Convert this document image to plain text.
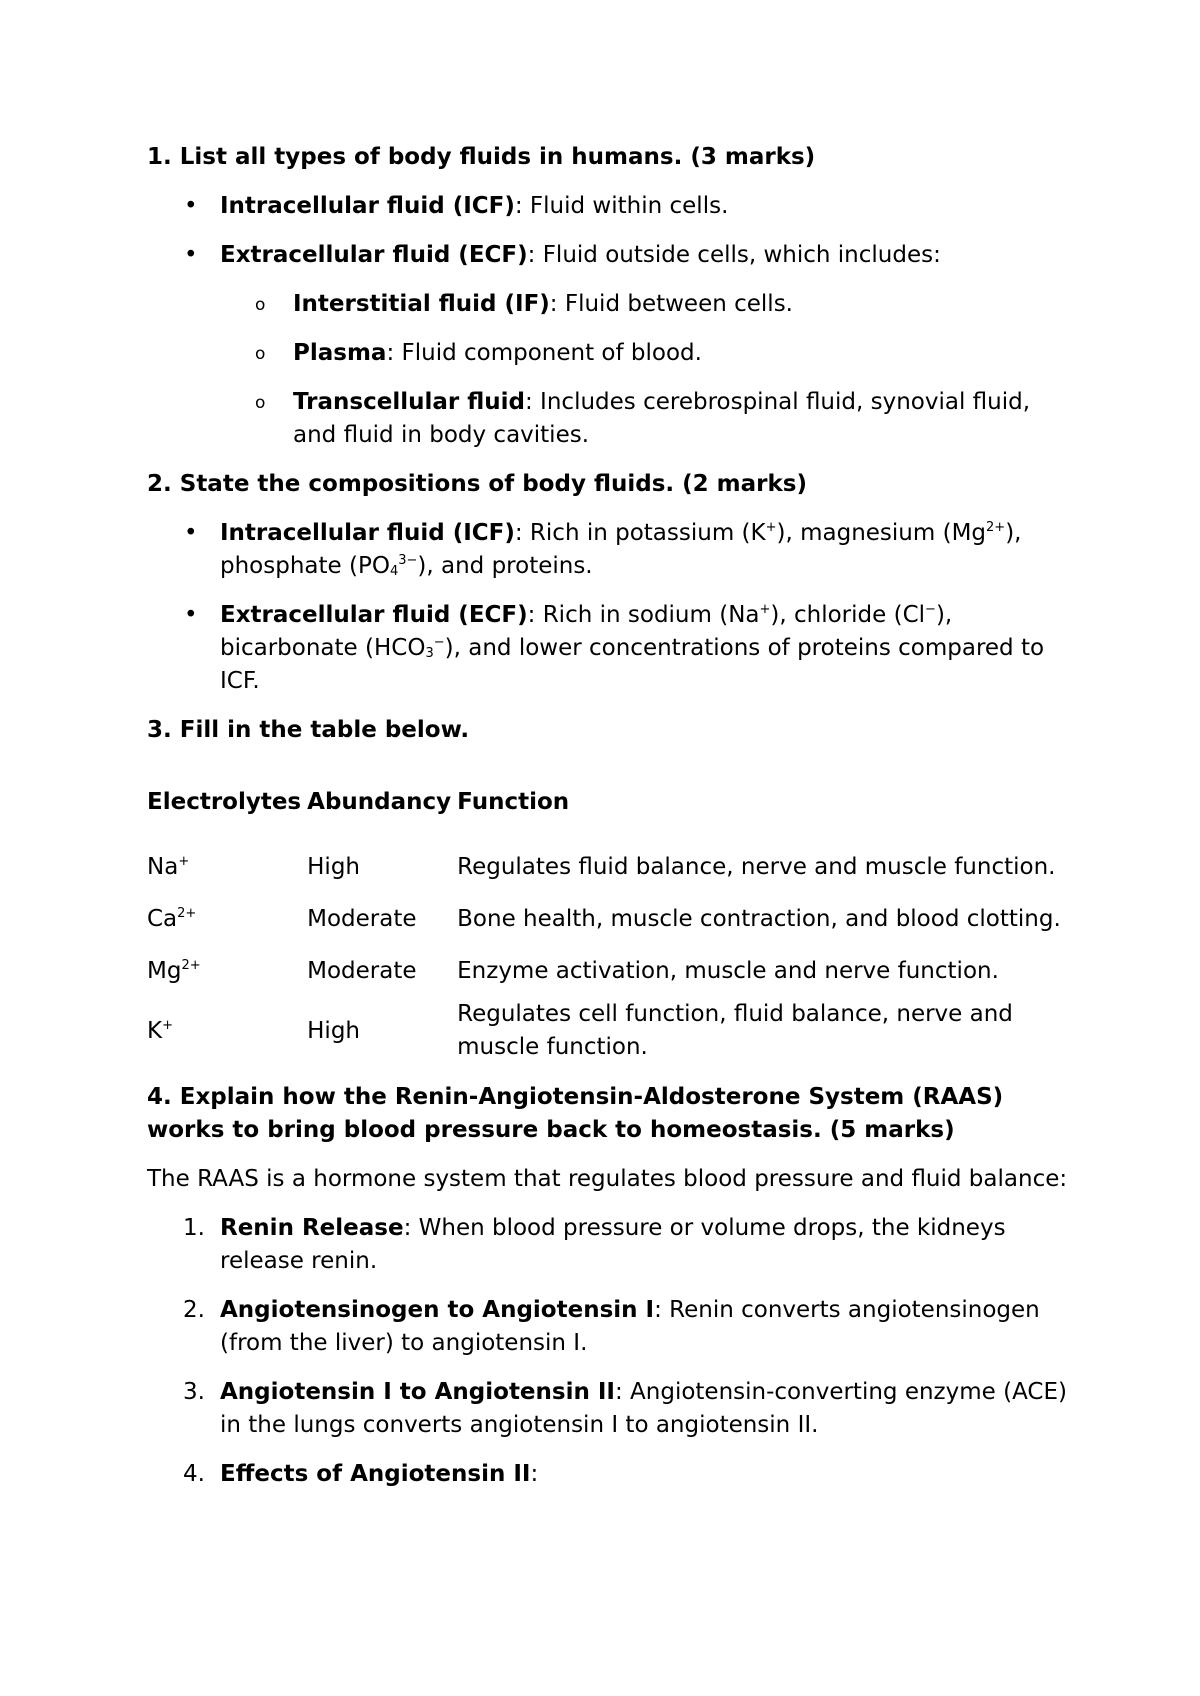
1. List all types of body fluids in humans. (3 marks)
• Intracellular fluid (ICF): Fluid within cells.
• Extracellular fluid (ECF): Fluid outside cells, which includes:
o Interstitial fluid (IF): Fluid between cells.
o Plasma: Fluid component of blood.
o Transcellular fluid: Includes cerebrospinal fluid, synovial fluid, and fluid in body cavities.
2. State the compositions of body fluids. (2 marks)
• Intracellular fluid (ICF): Rich in potassium (K+), magnesium $(Mg^{2+})$, phosphate $(PO_4^{3-})$, and proteins.
• Extracellular fluid (ECF): Rich in sodium (Na+), chloride (Cl−), bicarbonate $(HCO_3^-)$, and lower concentrations of proteins compared to ICF.
3. Fill in the table below.
Electrolytes	Abundancy	Function
Na+	High	Regulates fluid balance, nerve and muscle function.
$Ca^{2+}$	Moderate	Bone health, muscle contraction, and blood clotting.
$Mg^{2+}$	Moderate	Enzyme activation, muscle and nerve function.
K+	High	Regulates cell function, fluid balance, nerve and muscle function.
4. Explain how the Renin-Angiotensin-Aldosterone System (RAAS) works to bring blood pressure back to homeostasis. (5 marks)

The RAAS is a hormone system that regulates blood pressure and fluid balance:

1. Renin Release: When blood pressure or volume drops, the kidneys release renin.
2. Angiotensinogen to Angiotensin I: Renin converts angiotensinogen (from the liver) to angiotensin I.
3. Angiotensin I to Angiotensin II: Angiotensin-converting enzyme (ACE) in the lungs converts angiotensin I to angiotensin II.
4. Effects of Angiotensin II:
